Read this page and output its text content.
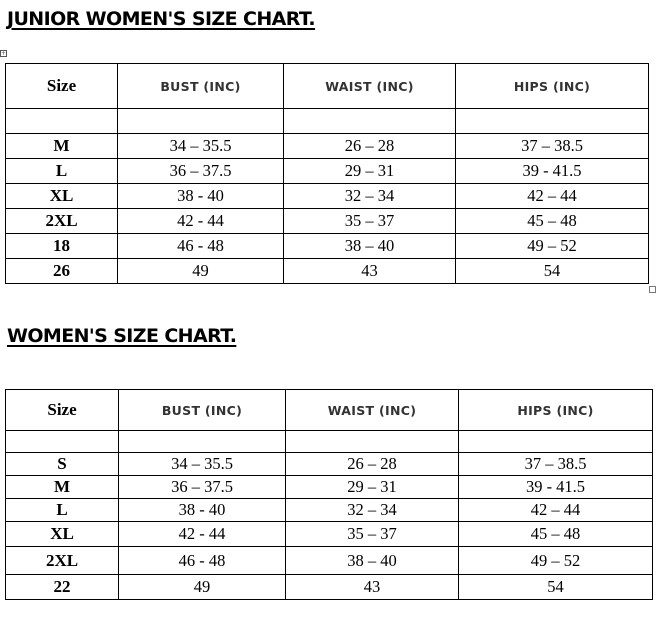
+
JUNIOR WOMEN'S SIZE CHART.
Size	BUST (INC)	WAIST (INC)	HIPS (INC)

M	34 – 35.5	26 – 28	37 – 38.5
L	36 – 37.5	29 – 31	39 - 41.5
XL	38 - 40	32 – 34	42 – 44
2XL	42 - 44	35 – 37	45 – 48
18	46 - 48	38 – 40	49 – 52
26	49	43	54
WOMEN'S SIZE CHART.
Size	BUST (INC)	WAIST (INC)	HIPS (INC)

S	34 – 35.5	26 – 28	37 – 38.5
M	36 – 37.5	29 – 31	39 - 41.5
L	38 - 40	32 – 34	42 – 44
XL	42 - 44	35 – 37	45 – 48
2XL	46 - 48	38 – 40	49 – 52
22	49	43	54
